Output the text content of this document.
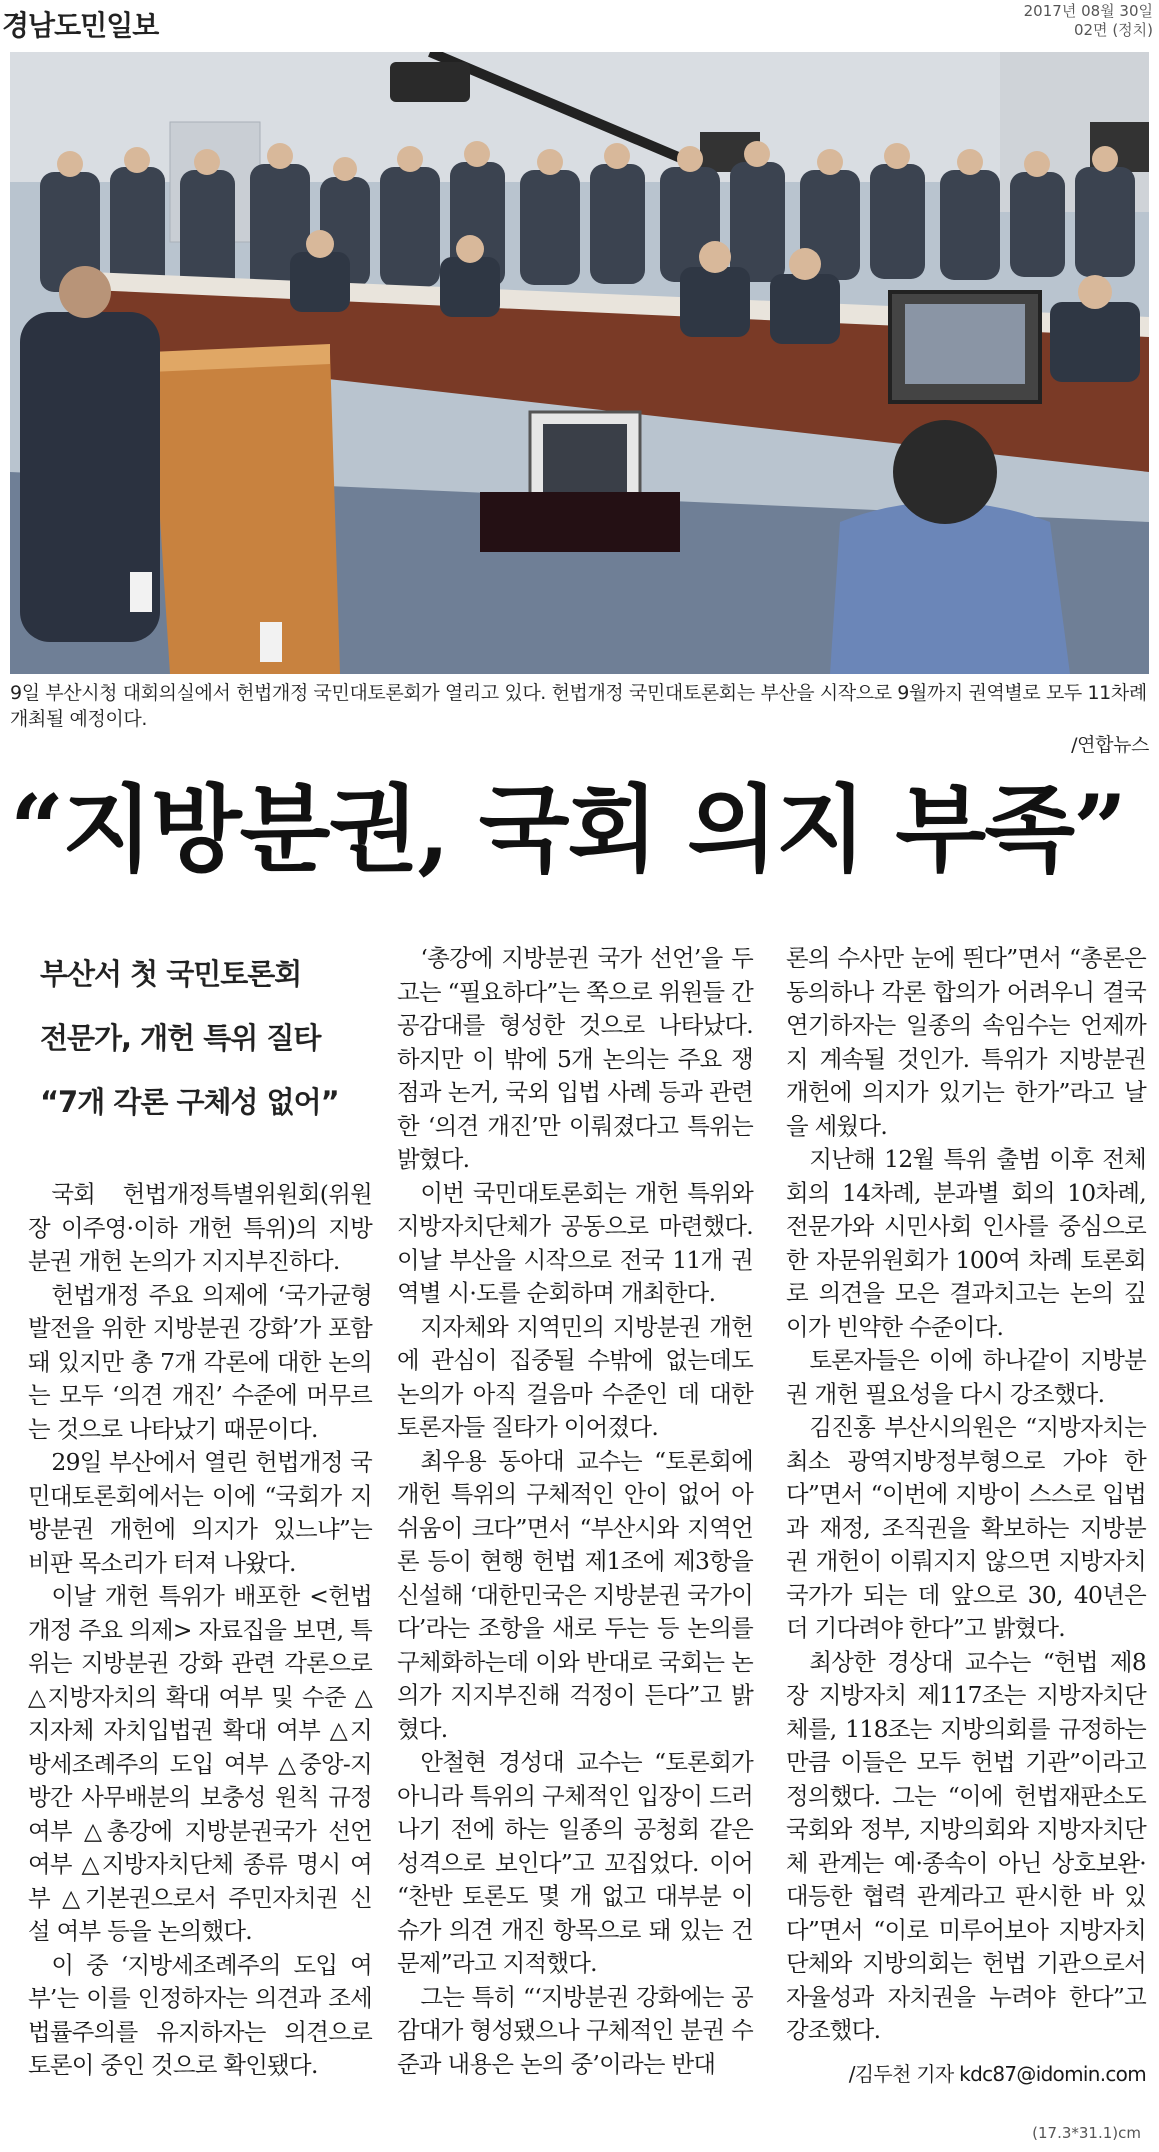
경남도민일보	2017년 08월 30일
02면 (정치)
9일 부산시청 대회의실에서 헌법개정 국민대토론회가 열리고 있다. 헌법개정 국민대토론회는 부산을 시작으로 9월까지 권역별로 모두 11차례 개최될 예정이다.
/연합뉴스
“지방분권, 국회 의지 부족”
부산서 첫 국민토론회
전문가, 개헌 특위 질타
“7개 각론 구체성 없어”

국회 헌법개정특별위원회(위원장 이주영·이하 개헌 특위)의 지방분권 개헌 논의가 지지부진하다.

헌법개정 주요 의제에 ‘국가균형발전을 위한 지방분권 강화’가 포함돼 있지만 총 7개 각론에 대한 논의는 모두 ‘의견 개진’ 수준에 머무르는 것으로 나타났기 때문이다.

29일 부산에서 열린 헌법개정 국민대토론회에서는 이에 “국회가 지방분권 개헌에 의지가 있느냐”는 비판 목소리가 터져 나왔다.

이날 개헌 특위가 배포한 <헌법 개정 주요 의제> 자료집을 보면, 특위는 지방분권 강화 관련 각론으로 △지방자치의 확대 여부 및 수준 △지자체 자치입법권 확대 여부 △지방세조례주의 도입 여부 △중앙-지방간 사무배분의 보충성 원칙 규정 여부 △총강에 지방분권국가 선언 여부 △지방자치단체 종류 명시 여부 △기본권으로서 주민자치권 신설 여부 등을 논의했다.

이 중 ‘지방세조례주의 도입 여부’는 이를 인정하자는 의견과 조세법률주의를 유지하자는 의견으로 토론이 중인 것으로 확인됐다.

‘총강에 지방분권 국가 선언’을 두고는 “필요하다”는 쪽으로 위원들 간 공감대를 형성한 것으로 나타났다. 하지만 이 밖에 5개 논의는 주요 쟁점과 논거, 국외 입법 사례 등과 관련한 ‘의견 개진’만 이뤄졌다고 특위는 밝혔다.

이번 국민대토론회는 개헌 특위와 지방자치단체가 공동으로 마련했다. 이날 부산을 시작으로 전국 11개 권역별 시·도를 순회하며 개최한다.

지자체와 지역민의 지방분권 개헌에 관심이 집중될 수밖에 없는데도 논의가 아직 걸음마 수준인 데 대한 토론자들 질타가 이어졌다.

최우용 동아대 교수는 “토론회에 개헌 특위의 구체적인 안이 없어 아쉬움이 크다”면서 “부산시와 지역언론 등이 현행 헌법 제1조에 제3항을 신설해 ‘대한민국은 지방분권 국가이다’라는 조항을 새로 두는 등 논의를 구체화하는데 이와 반대로 국회는 논의가 지지부진해 걱정이 든다”고 밝혔다.

안철현 경성대 교수는 “토론회가 아니라 특위의 구체적인 입장이 드러나기 전에 하는 일종의 공청회 같은 성격으로 보인다”고 꼬집었다. 이어 “찬반 토론도 몇 개 없고 대부분 이슈가 의견 개진 항목으로 돼 있는 건 문제”라고 지적했다.

그는 특히 “‘지방분권 강화에는 공감대가 형성됐으나 구체적인 분권 수준과 내용은 논의 중’이라는 반대

론의 수사만 눈에 띈다”면서 “총론은 동의하나 각론 합의가 어려우니 결국 연기하자는 일종의 속임수는 언제까지 계속될 것인가. 특위가 지방분권 개헌에 의지가 있기는 한가”라고 날을 세웠다.

지난해 12월 특위 출범 이후 전체회의 14차례, 분과별 회의 10차례, 전문가와 시민사회 인사를 중심으로 한 자문위원회가 100여 차례 토론회로 의견을 모은 결과치고는 논의 깊이가 빈약한 수준이다.

토론자들은 이에 하나같이 지방분권 개헌 필요성을 다시 강조했다.

김진홍 부산시의원은 “지방자치는 최소 광역지방정부형으로 가야 한다”면서 “이번에 지방이 스스로 입법과 재정, 조직권을 확보하는 지방분권 개헌이 이뤄지지 않으면 지방자치국가가 되는 데 앞으로 30, 40년은 더 기다려야 한다”고 밝혔다.

최상한 경상대 교수는 “헌법 제8장 지방자치 제117조는 지방자치단체를, 118조는 지방의회를 규정하는 만큼 이들은 모두 헌법 기관”이라고 정의했다. 그는 “이에 헌법재판소도 국회와 정부, 지방의회와 지방자치단체 관계는 예·종속이 아닌 상호보완·대등한 협력 관계라고 판시한 바 있다”면서 “이로 미루어보아 지방자치단체와 지방의회는 헌법 기관으로서 자율성과 자치권을 누려야 한다”고 강조했다.

/김두천 기자 kdc87@idomin.com

(17.3*31.1)cm
